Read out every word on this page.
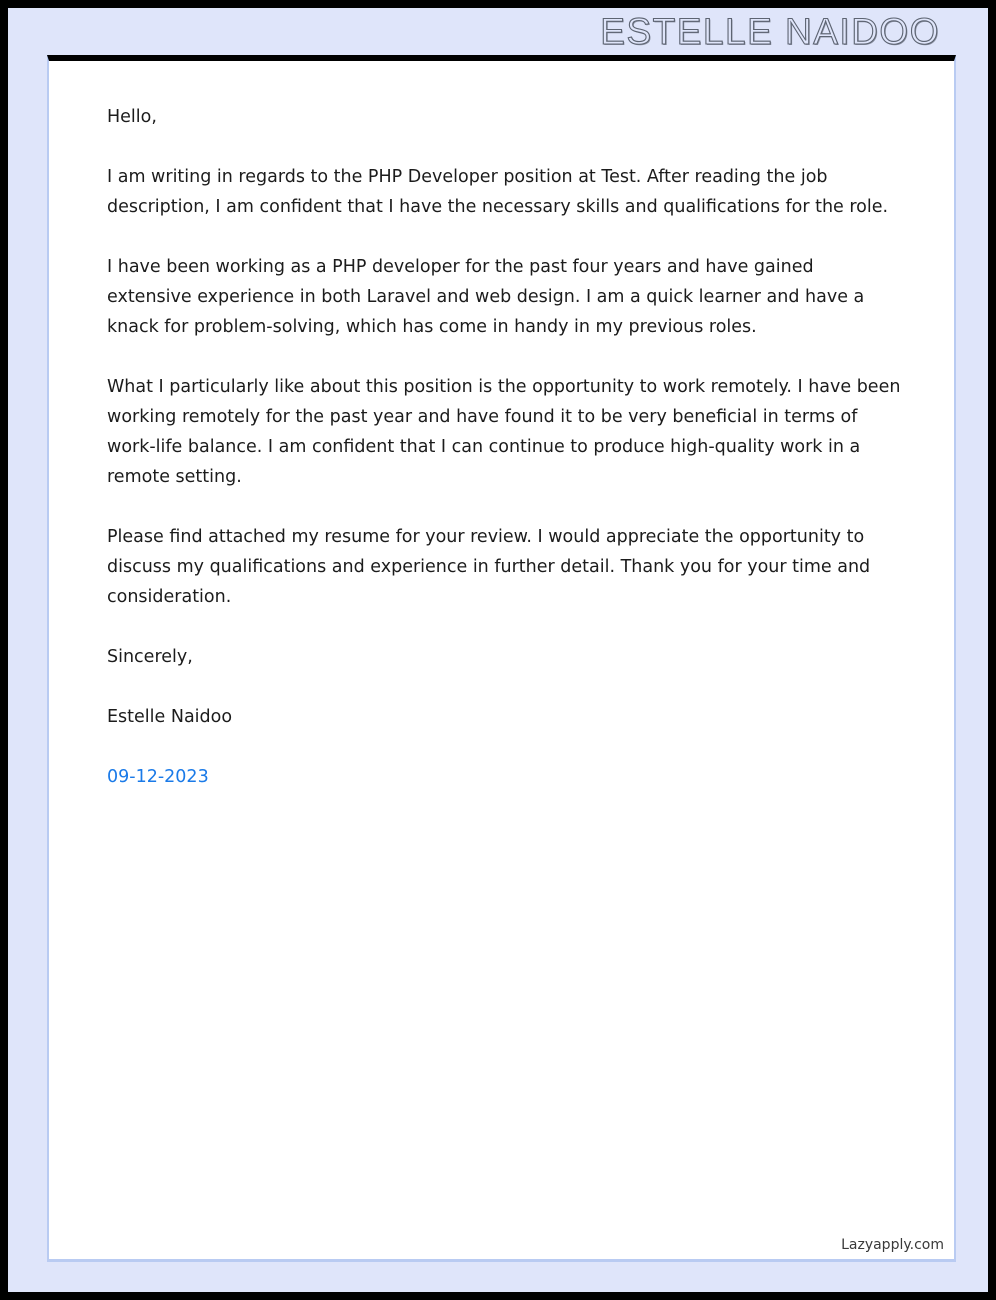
ESTELLE NAIDOO

Hello,

I am writing in regards to the PHP Developer position at Test. After reading the job description, I am confident that I have the necessary skills and qualifications for the role.

I have been working as a PHP developer for the past four years and have gained extensive experience in both Laravel and web design. I am a quick learner and have a knack for problem-solving, which has come in handy in my previous roles.

What I particularly like about this position is the opportunity to work remotely. I have been working remotely for the past year and have found it to be very beneficial in terms of work-life balance. I am confident that I can continue to produce high-quality work in a remote setting.

Please find attached my resume for your review. I would appreciate the opportunity to discuss my qualifications and experience in further detail. Thank you for your time and consideration.

Sincerely,

Estelle Naidoo

09-12-2023

Lazyapply.com
